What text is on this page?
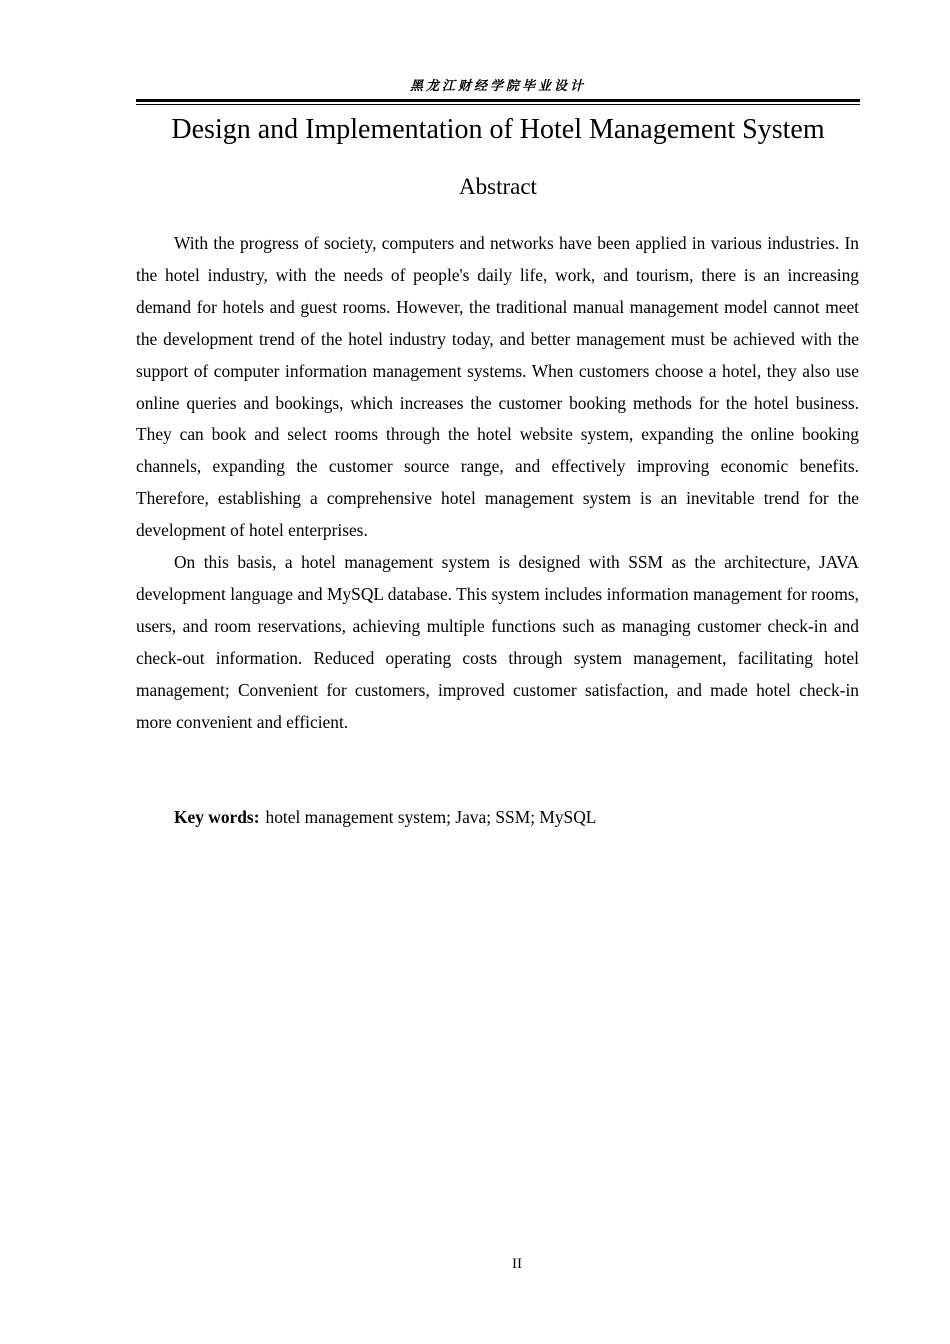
黑龙江财经学院毕业设计
Design and Implementation of Hotel Management System
Abstract

With the progress of society, computers and networks have been applied in various industries. In the hotel industry, with the needs of people's daily life, work, and tourism, there is an increasing demand for hotels and guest rooms. However, the traditional manual management model cannot meet the development trend of the hotel industry today, and better management must be achieved with the support of computer information management systems. When customers choose a hotel, they also use online queries and bookings, which increases the customer booking methods for the hotel business. They can book and select rooms through the hotel website system, expanding the online booking channels, expanding the customer source range, and effectively improving economic benefits. Therefore, establishing a comprehensive hotel management system is an inevitable trend for the development of hotel enterprises.

On this basis, a hotel management system is designed with SSM as the architecture, JAVA development language and MySQL database. This system includes information management for rooms, users, and room reservations, achieving multiple functions such as managing customer check-in and check-out information. Reduced operating costs through system management, facilitating hotel management; Convenient for customers, improved customer satisfaction, and made hotel check-in more convenient and efficient.

Key words: hotel management system; Java; SSM; MySQL
II
